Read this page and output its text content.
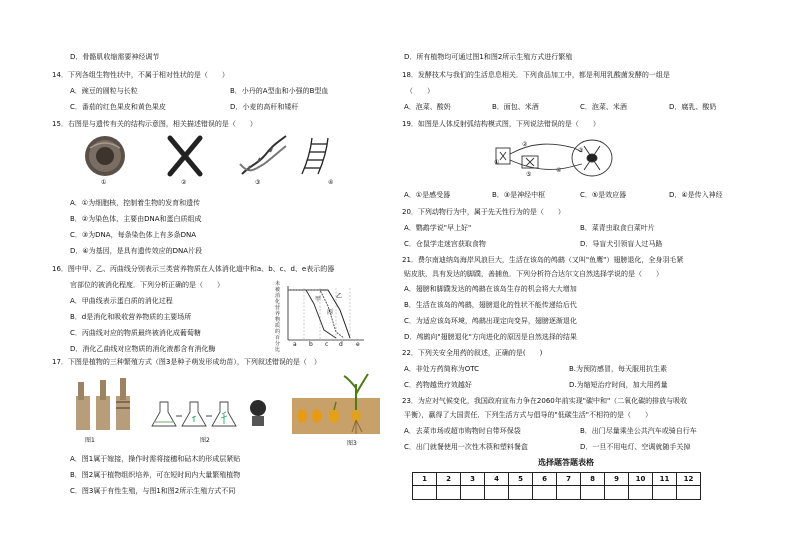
D．骨骼肌收缩需要神经调节
14．下列各组生物性状中，不属于相对性状的是（　　）
A．豌豆的圆粒与长粒	B．小丹的A型血和小强的B型血
C．番茄的红色果皮和黄色果皮	D．小麦的高秆和矮秆
15．右图是与遗传有关的结构示意图，相关描述错误的是（　　）
①	②	③	④
A．①为细胞核，控制着生物的发育和遗传
B．②为染色体，主要由DNA和蛋白质组成
C．③为DNA，每条染色体上有多条DNA
D．④为基因，是具有遗传效应的DNA片段
16．图中甲、乙、丙曲线分别表示三类营养物质在人体消化道中和a、b、c、d、e表示的器
官部位的被消化程度．下列分析正确的是（　　）
A．甲曲线表示蛋白质的消化过程
B．d是消化和吸收营养物质的主要场所
C．丙曲线对应的物质最终被消化成葡萄糖
D．消化乙曲线对应物质的消化液都含有消化酶
未被消化营养物质的百分比
甲 乙
丙
a b c d e
17．下图是植物的三种繁殖方式（图3是种子萌发形成幼苗），下列叙述错误的是（　）
图1	图2	图3
A．图1属于嫁接，操作时需将接穗和砧木的形成层紧贴
B．图2属于植物组织培养，可在短时间内大量繁殖植物
C．图3属于有性生殖，与图1和图2所示生殖方式不同
D．所有植物均可通过图1和图2所示生殖方式进行繁殖
18．发酵技术与我们的生活息息相关．下列食品加工中，都是利用乳酸菌发酵的一组是
（　　）
A．泡菜、酸奶	B．面包、米酒	C．泡菜、米酒	D．腐乳、酸奶
19．如图是人体反射弧结构模式图，下列说法错误的是（　　）
①
②
⑤
③
④
A．①是感受器	B．③是神经中枢	C．⑤是效应器	D．④是传入神经
20．下列动物行为中，属于先天性行为的是（　　）
A．鹦鹉学说"早上好"	B．菜青虫取食白菜叶片
C．仓鼠学走迷宫获取食物	D．导盲犬引领盲人过马路
21．费尔南迪纳岛海岸风浪巨大，生活在该岛的鸬鹚（又叫"鱼鹰"）翅膀退化，全身羽毛紧
贴皮肤，具有发达的脚蹼，善捕鱼．下列分析符合达尔文自然选择学说的是（　　）
A．翅膀和脚蹼发达的鸬鹚在该岛生存的机会将大大增加
B．生活在该岛的鸬鹚，翅膀退化的性状不能传递给后代
C．为适应该岛环境，鸬鹚出现定向变异，翅膀逐渐退化
D．鸬鹚向"翅膀退化"方向进化的原因是自然选择的结果
22．下列关安全用药的叙述，正确的是(　　)
A．非处方药简称为OTC	B.为预防感冒，每天服用抗生素
C．药物越贵疗效越好	D.为缩短治疗时间，加大用药量
23．为应对气候变化，我国政府宣布力争在2060年前实现"碳中和"（二氧化碳的排放与吸收
平衡），赢得了大国责任．下列生活方式与倡导的"低碳生活"不相符的是（　　）
A．去菜市场或超市购物时自带环保袋	B．出门尽量乘坐公共汽车或骑自行车
C．出门就餐使用一次性木筷和塑料餐盒	D．一旦不用电灯、空调就随手关掉
选择题答题表格
1	2	3	4	5	6	7	8	9	10	11	12
